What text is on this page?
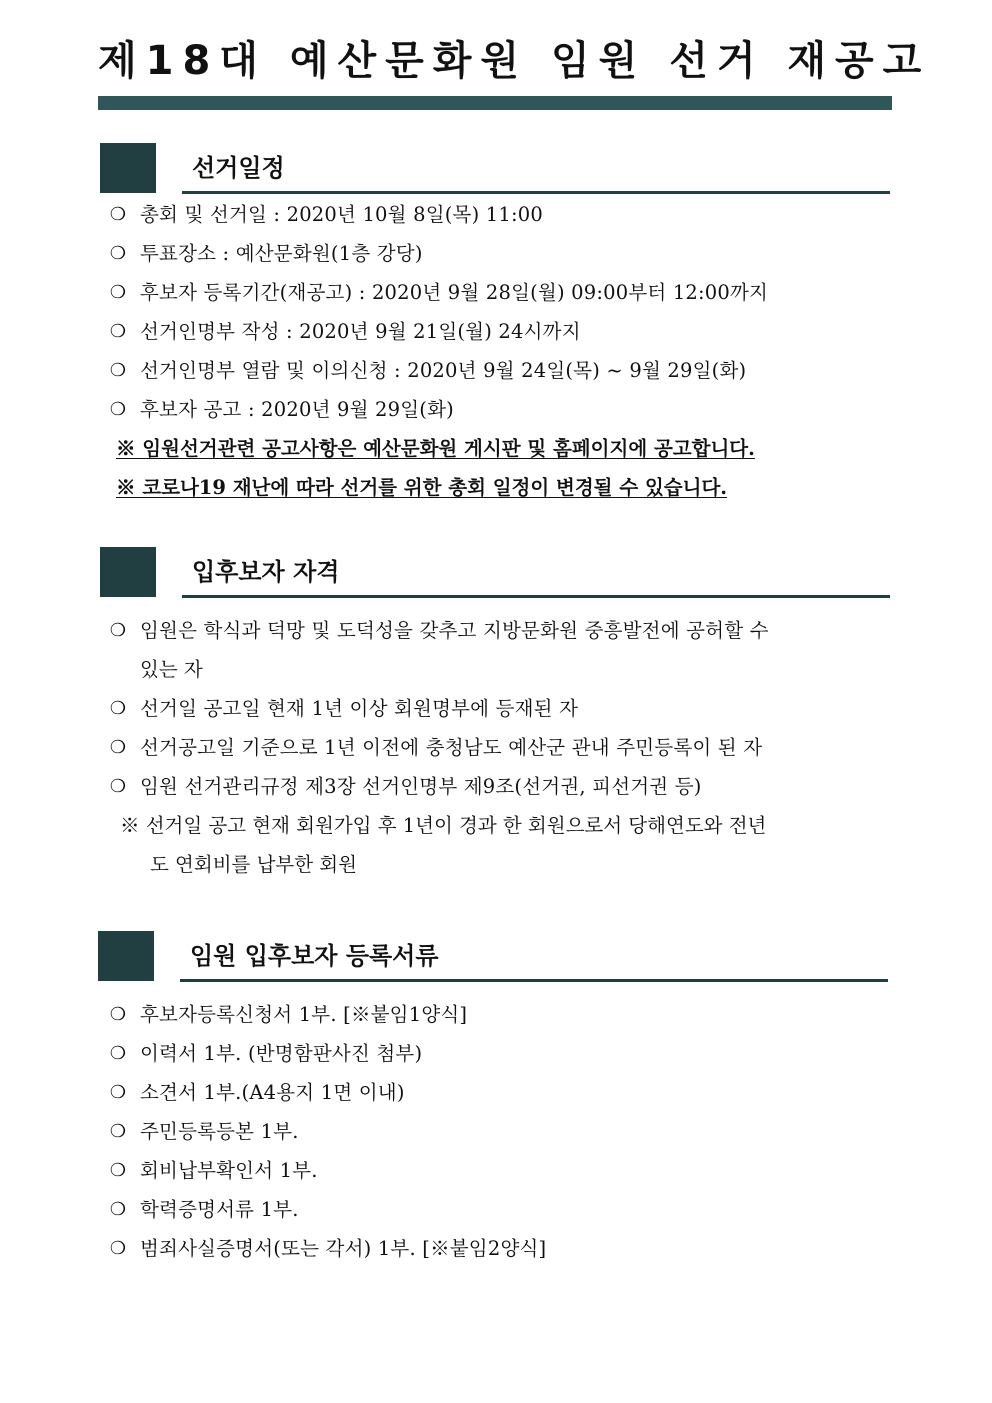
제18대 예산문화원 임원 선거 재공고
선거일정
❍ 총회 및 선거일 : 2020년 10월 8일(목) 11:00
❍ 투표장소 : 예산문화원(1층 강당)
❍ 후보자 등록기간(재공고) : 2020년 9월 28일(월) 09:00부터 12:00까지
❍ 선거인명부 작성 : 2020년 9월 21일(월) 24시까지
❍ 선거인명부 열람 및 이의신청 : 2020년 9월 24일(목) ~ 9월 29일(화)
❍ 후보자 공고 : 2020년 9월 29일(화)
※ 임원선거관련 공고사항은 예산문화원 게시판 및 홈페이지에 공고합니다.
※ 코로나19 재난에 따라 선거를 위한 총회 일정이 변경될 수 있습니다.
입후보자 자격
❍ 임원은 학식과 덕망 및 도덕성을 갖추고 지방문화원 중흥발전에 공허할 수
있는 자
❍ 선거일 공고일 현재 1년 이상 회원명부에 등재된 자
❍ 선거공고일 기준으로 1년 이전에 충청남도 예산군 관내 주민등록이 된 자
❍ 임원 선거관리규정 제3장 선거인명부 제9조(선거권, 피선거권 등)
※ 선거일 공고 현재 회원가입 후 1년이 경과 한 회원으로서 당해연도와 전년
도 연회비를 납부한 회원
임원 입후보자 등록서류
❍ 후보자등록신청서 1부. [※붙임1양식]
❍ 이력서 1부. (반명함판사진 첨부)
❍ 소견서 1부.(A4용지 1면 이내)
❍ 주민등록등본 1부.
❍ 회비납부확인서 1부.
❍ 학력증명서류 1부.
❍ 범죄사실증명서(또는 각서) 1부. [※붙임2양식]
